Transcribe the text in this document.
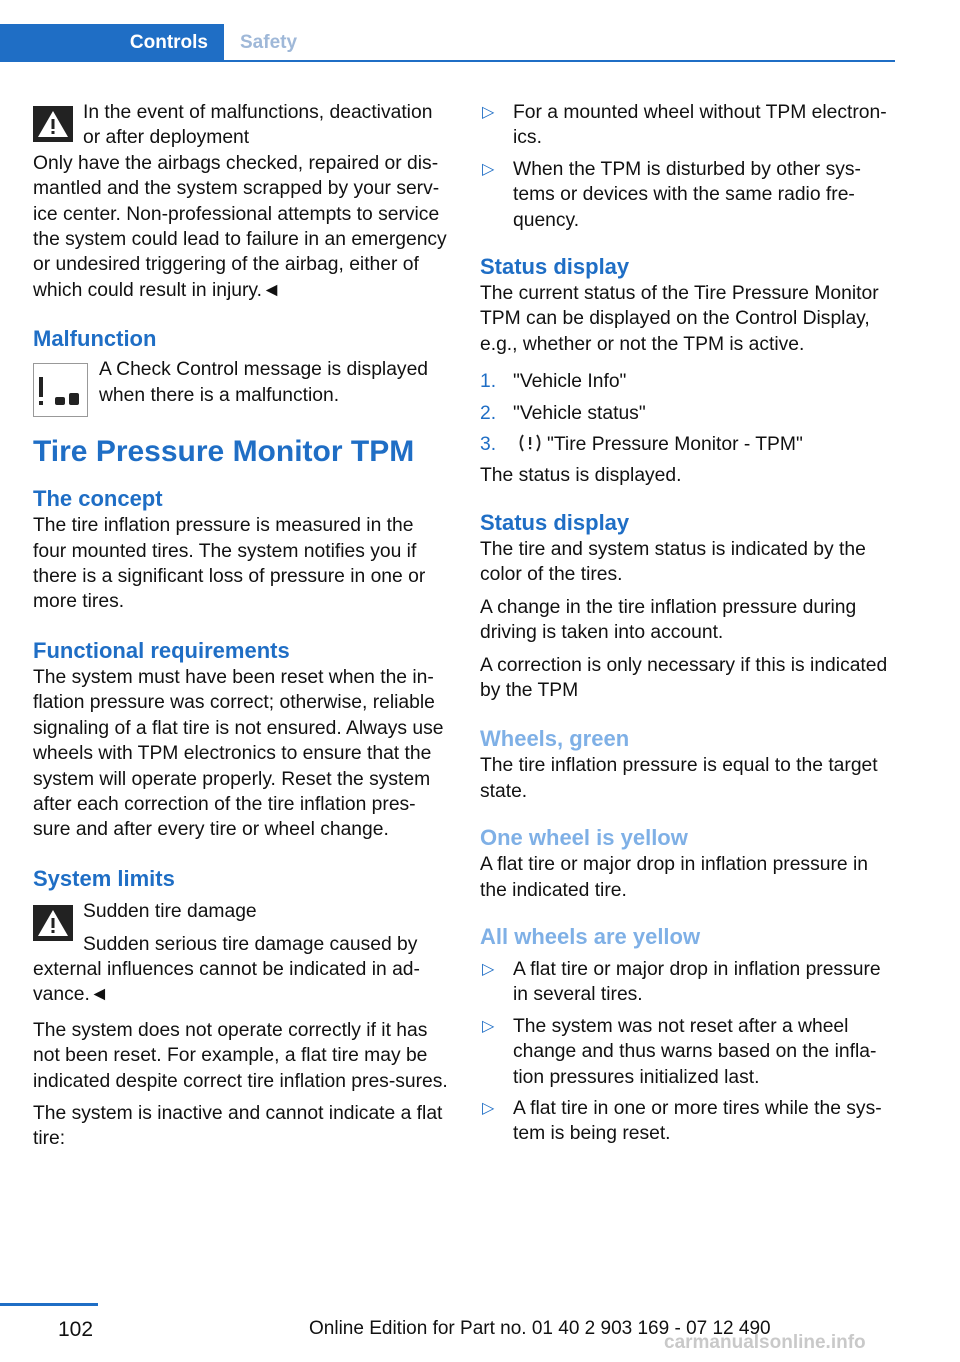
Controls Safety

In the event of malfunctions, deactivation or after deployment

Only have the airbags checked, repaired or dis-mantled and the system scrapped by your serv-ice center. Non-professional attempts to service the system could lead to failure in an emergency or undesired triggering of the airbag, either of which could result in injury.◄

Malfunction

A Check Control message is displayed when there is a malfunction.

Tire Pressure Monitor TPM
The concept

The tire inflation pressure is measured in the four mounted tires. The system notifies you if there is a significant loss of pressure in one or more tires.

Functional requirements

The system must have been reset when the in-flation pressure was correct; otherwise, reliable signaling of a flat tire is not ensured. Always use wheels with TPM electronics to ensure that the system will operate properly. Reset the system after each correction of the tire inflation pres-sure and after every tire or wheel change.

System limits

Sudden tire damage

Sudden serious tire damage caused by external influences cannot be indicated in ad-vance.◄

The system does not operate correctly if it has not been reset. For example, a flat tire may be indicated despite correct tire inflation pres-sures.

The system is inactive and cannot indicate a flat tire:

▷ For a mounted wheel without TPM electron-ics.
▷ When the TPM is disturbed by other sys-tems or devices with the same radio fre-quency.
Status display

The current status of the Tire Pressure Monitor TPM can be displayed on the Control Display, e.g., whether or not the TPM is active.

1. "Vehicle Info"
2. "Vehicle status"
3.	"Tire Pressure Monitor - TPM"

The status is displayed.

Status display

The tire and system status is indicated by the color of the tires.

A change in the tire inflation pressure during driving is taken into account.

A correction is only necessary if this is indicated by the TPM

Wheels, green

The tire inflation pressure is equal to the target state.

One wheel is yellow

A flat tire or major drop in inflation pressure in the indicated tire.

All wheels are yellow
▷ A flat tire or major drop in inflation pressure in several tires.
▷ The system was not reset after a wheel change and thus warns based on the infla-tion pressures initialized last.
▷ A flat tire in one or more tires while the sys-tem is being reset.
102	Online Edition for Part no. 01 40 2 903 169 - 07 12 490
carmanualsonline.info
